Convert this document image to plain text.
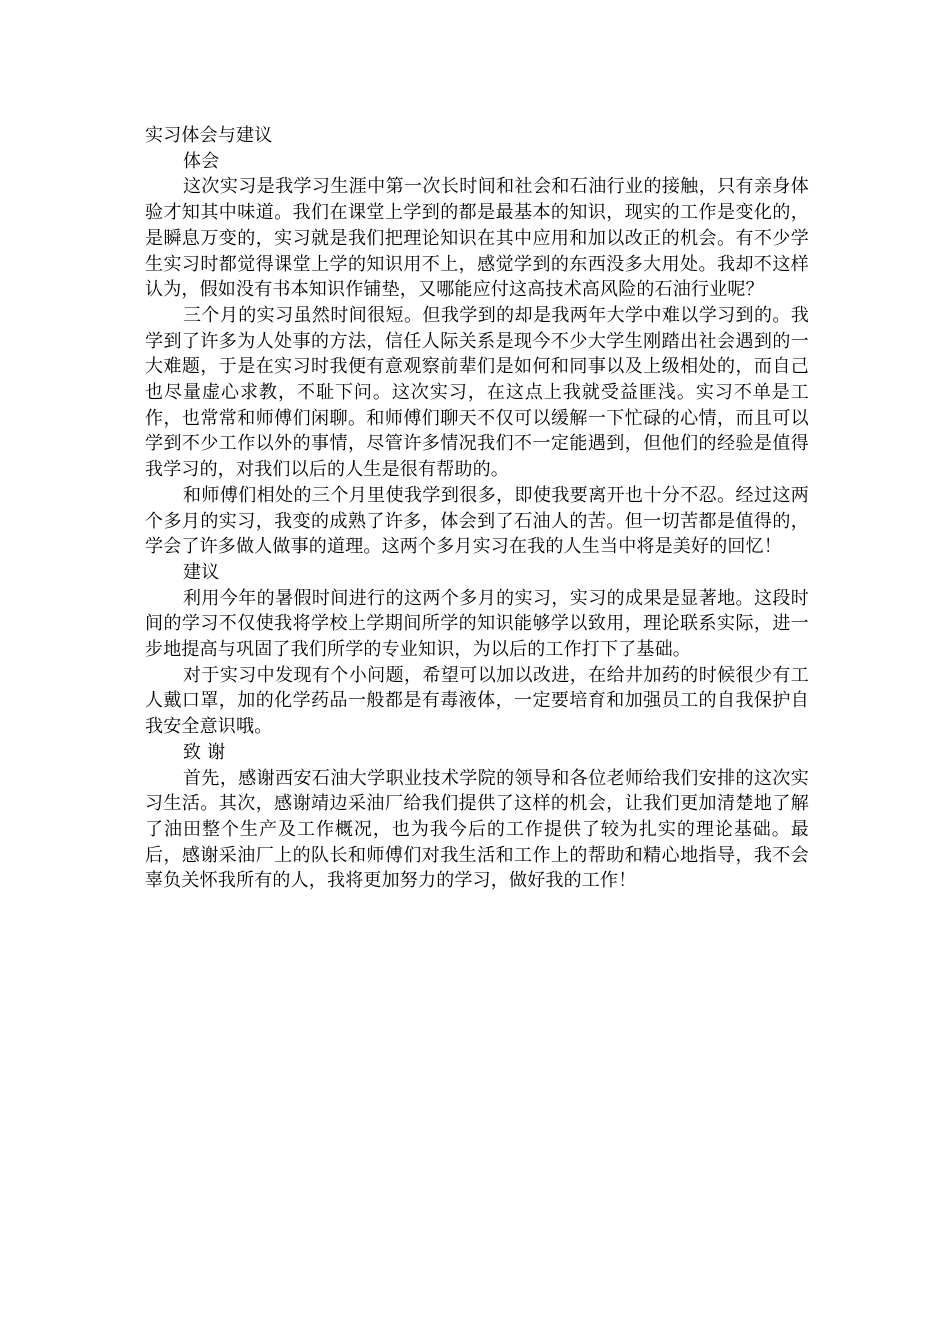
实习体会与建议
体会

这次实习是我学习生涯中第一次长时间和社会和石油行业的接触，只有亲身体验才知其中味道。我们在课堂上学到的都是最基本的知识，现实的工作是变化的，是瞬息万变的，实习就是我们把理论知识在其中应用和加以改正的机会。有不少学生实习时都觉得课堂上学的知识用不上，感觉学到的东西没多大用处。我却不这样认为，假如没有书本知识作铺垫，又哪能应付这高技术高风险的石油行业呢？

三个月的实习虽然时间很短。但我学到的却是我两年大学中难以学习到的。我学到了许多为人处事的方法，信任人际关系是现今不少大学生刚踏出社会遇到的一大难题，于是在实习时我便有意观察前辈们是如何和同事以及上级相处的，而自己也尽量虚心求教，不耻下问。这次实习，在这点上我就受益匪浅。实习不单是工作，也常常和师傅们闲聊。和师傅们聊天不仅可以缓解一下忙碌的心情，而且可以学到不少工作以外的事情，尽管许多情况我们不一定能遇到，但他们的经验是值得我学习的，对我们以后的人生是很有帮助的。

和师傅们相处的三个月里使我学到很多，即使我要离开也十分不忍。经过这两个多月的实习，我变的成熟了许多，体会到了石油人的苦。但一切苦都是值得的，学会了许多做人做事的道理。这两个多月实习在我的人生当中将是美好的回忆！

建议

利用今年的暑假时间进行的这两个多月的实习，实习的成果是显著地。这段时间的学习不仅使我将学校上学期间所学的知识能够学以致用，理论联系实际，进一步地提高与巩固了我们所学的专业知识，为以后的工作打下了基础。

对于实习中发现有个小问题，希望可以加以改进，在给井加药的时候很少有工人戴口罩，加的化学药品一般都是有毒液体，一定要培育和加强员工的自我保护自我安全意识哦。

致 谢

首先，感谢西安石油大学职业技术学院的领导和各位老师给我们安排的这次实习生活。其次，感谢靖边采油厂给我们提供了这样的机会，让我们更加清楚地了解了油田整个生产及工作概况，也为我今后的工作提供了较为扎实的理论基础。最后，感谢采油厂上的队长和师傅们对我生活和工作上的帮助和精心地指导，我不会辜负关怀我所有的人，我将更加努力的学习，做好我的工作！
